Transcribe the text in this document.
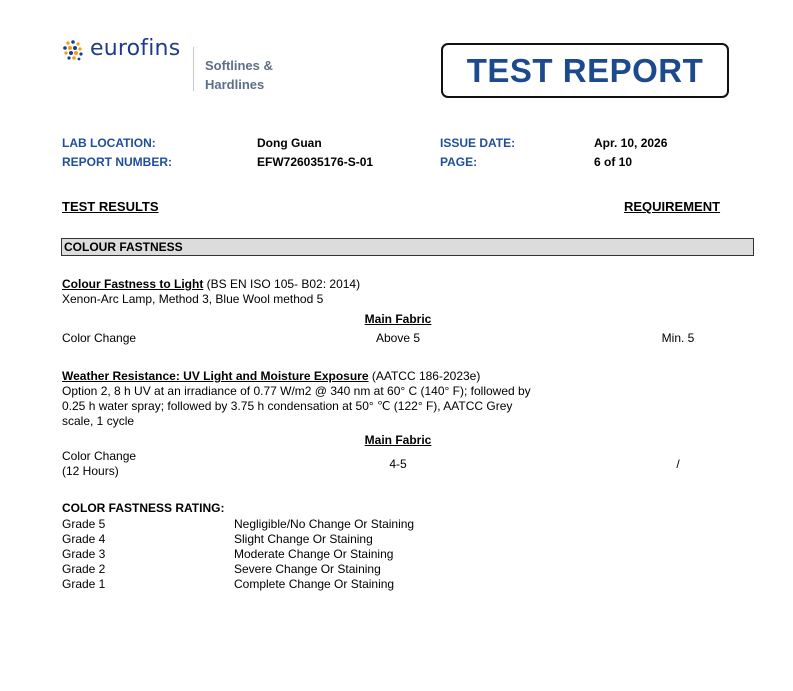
eurofins
Softlines &
Hardlines	TEST REPORT
LAB LOCATION:	Dong Guan	ISSUE DATE:	Apr. 10, 2026
REPORT NUMBER:	EFW726035176-S-01	PAGE:	6 of 10
TEST RESULTS	REQUIREMENT
COLOUR FASTNESS
Colour Fastness to Light (BS EN ISO 105- B02: 2014)
Xenon-Arc Lamp, Method 3, Blue Wool method 5
Main Fabric
Color Change	Above 5	Min. 5
Weather Resistance: UV Light and Moisture Exposure (AATCC 186-2023e)
Option 2, 8 h UV at an irradiance of 0.77 W/m2 @ 340 nm at 60° C (140° F); followed by
0.25 h water spray; followed by 3.75 h condensation at 50° ℃ (122° F), AATCC Grey
scale, 1 cycle
Main Fabric
Color Change
(12 Hours)	4-5	/
COLOR FASTNESS RATING:
Grade 5	Negligible/No Change Or Staining
Grade 4	Slight Change Or Staining
Grade 3	Moderate Change Or Staining
Grade 2	Severe Change Or Staining
Grade 1	Complete Change Or Staining
